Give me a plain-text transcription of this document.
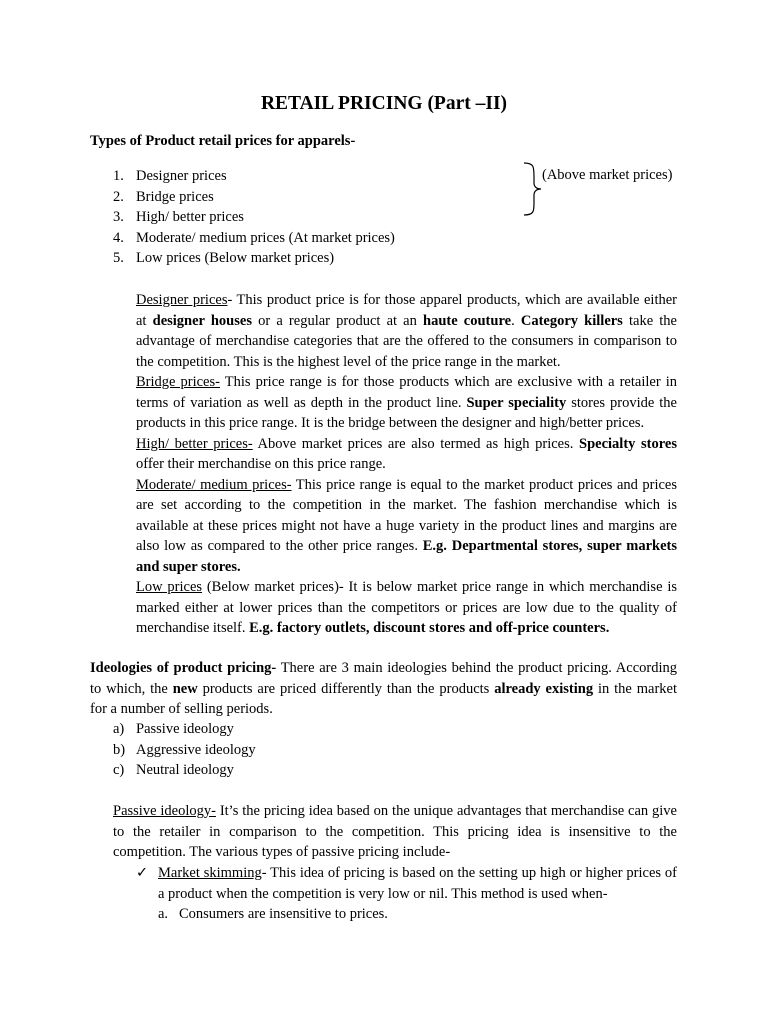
RETAIL PRICING (Part –II)
Types of Product retail prices for apparels-
1. Designer prices
2. Bridge prices
3. High/ better prices
4. Moderate/ medium prices (At market prices)
5. Low prices (Below market prices)
(Above market prices)

Designer prices- This product price is for those apparel products, which are available either at designer houses or a regular product at an haute couture. Category killers take the advantage of merchandise categories that are the offered to the consumers in comparison to the competition. This is the highest level of the price range in the market.

Bridge prices- This price range is for those products which are exclusive with a retailer in terms of variation as well as depth in the product line. Super speciality stores provide the products in this price range. It is the bridge between the designer and high/better prices.

High/ better prices- Above market prices are also termed as high prices. Specialty stores offer their merchandise on this price range.

Moderate/ medium prices- This price range is equal to the market product prices and prices are set according to the competition in the market. The fashion merchandise which is available at these prices might not have a huge variety in the product lines and margins are also low as compared to the other price ranges. E.g. Departmental stores, super markets and super stores.

Low prices (Below market prices)- It is below market price range in which merchandise is marked either at lower prices than the competitors or prices are low due to the quality of merchandise itself. E.g. factory outlets, discount stores and off-price counters.

Ideologies of product pricing- There are 3 main ideologies behind the product pricing. According to which, the new products are priced differently than the products already existing in the market for a number of selling periods.

a) Passive ideology
b) Aggressive ideology
c) Neutral ideology

Passive ideology- It’s the pricing idea based on the unique advantages that merchandise can give to the retailer in comparison to the competition. This pricing idea is insensitive to the competition. The various types of passive pricing include-

✓ Market skimming- This idea of pricing is based on the setting up high or higher prices of a product when the competition is very low or nil. This method is used when-
a. Consumers are insensitive to prices.
